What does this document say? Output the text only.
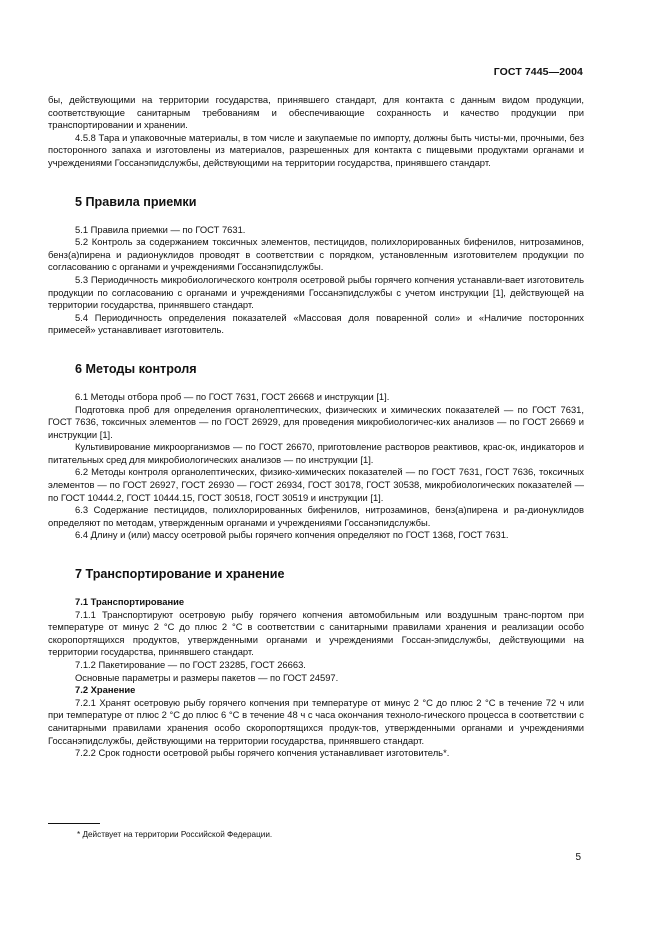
ГОСТ 7445—2004

бы, действующими на территории государства, принявшего стандарт, для контакта с данным видом продукции, соответствующие санитарным требованиям и обеспечивающие сохранность и качество продукции при транспортировании и хранении.

4.5.8 Тара и упаковочные материалы, в том числе и закупаемые по импорту, должны быть чисты-ми, прочными, без посторонного запаха и изготовлены из материалов, разрешенных для контакта с пищевыми продуктами органами и учреждениями Госсанэпидслужбы, действующими на территории государства, принявшего стандарт.

5 Правила приемки

5.1 Правила приемки — по ГОСТ 7631.

5.2 Контроль за содержанием токсичных элементов, пестицидов, полихлорированных бифенилов, нитрозаминов, бенз(а)пирена и радионуклидов проводят в соответствии с порядком, установленным изготовителем продукции по согласованию с органами и учреждениями Госсанэпидслужбы.

5.3 Периодичность микробиологического контроля осетровой рыбы горячего копчения устанавли-вает изготовитель продукции по согласованию с органами и учреждениями Госсанэпидслужбы с учетом инструкции [1], действующей на территории государства, принявшего стандарт.

5.4 Периодичность определения показателей «Массовая доля поваренной соли» и «Наличие посторонних примесей» устанавливает изготовитель.

6 Методы контроля

6.1 Методы отбора проб — по ГОСТ 7631, ГОСТ 26668 и инструкции [1].

Подготовка проб для определения органолептических, физических и химических показателей — по ГОСТ 7631, ГОСТ 7636, токсичных элементов — по ГОСТ 26929, для проведения микробиологичес-ких анализов — по ГОСТ 26669 и инструкции [1].

Культивирование микроорганизмов — по ГОСТ 26670, приготовление растворов реактивов, крас-ок, индикаторов и питательных сред для микробиологических анализов — по инструкции [1].

6.2 Методы контроля органолептических, физико-химических показателей — по ГОСТ 7631, ГОСТ 7636, токсичных элементов — по ГОСТ 26927, ГОСТ 26930 — ГОСТ 26934, ГОСТ 30178, ГОСТ 30538, микробиологических показателей — по ГОСТ 10444.2, ГОСТ 10444.15, ГОСТ 30518, ГОСТ 30519 и инструкции [1].

6.3 Содержание пестицидов, полихлорированных бифенилов, нитрозаминов, бенз(а)пирена и ра-дионуклидов определяют по методам, утвержденным органами и учреждениями Госсанэпидслужбы.

6.4 Длину и (или) массу осетровой рыбы горячего копчения определяют по ГОСТ 1368, ГОСТ 7631.

7 Транспортирование и хранение
7.1 Транспортирование

7.1.1 Транспортируют осетровую рыбу горячего копчения автомобильным или воздушным транс-портом при температуре от минус 2 °С до плюс 2 °С в соответствии с санитарными правилами хранения и реализации особо скоропортящихся продуктов, утвержденными органами и учреждениями Госсан-эпидслужбы, действующими на территории государства, принявшего стандарт.

7.1.2 Пакетирование — по ГОСТ 23285, ГОСТ 26663.

Основные параметры и размеры пакетов — по ГОСТ 24597.

7.2 Хранение

7.2.1 Хранят осетровую рыбу горячего копчения при температуре от минус 2 °С до плюс 2 °С в течение 72 ч или при температуре от плюс 2 °С до плюс 6 °С в течение 48 ч с часа окончания техноло-гического процесса в соответствии с санитарными правилами хранения особо скоропортящихся продук-тов, утвержденными органами и учреждениями Госсанэпидслужбы, действующими на территории государства, принявшего стандарт.

7.2.2 Срок годности осетровой рыбы горячего копчения устанавливает изготовитель*.

* Действует на территории Российской Федерации.
5
